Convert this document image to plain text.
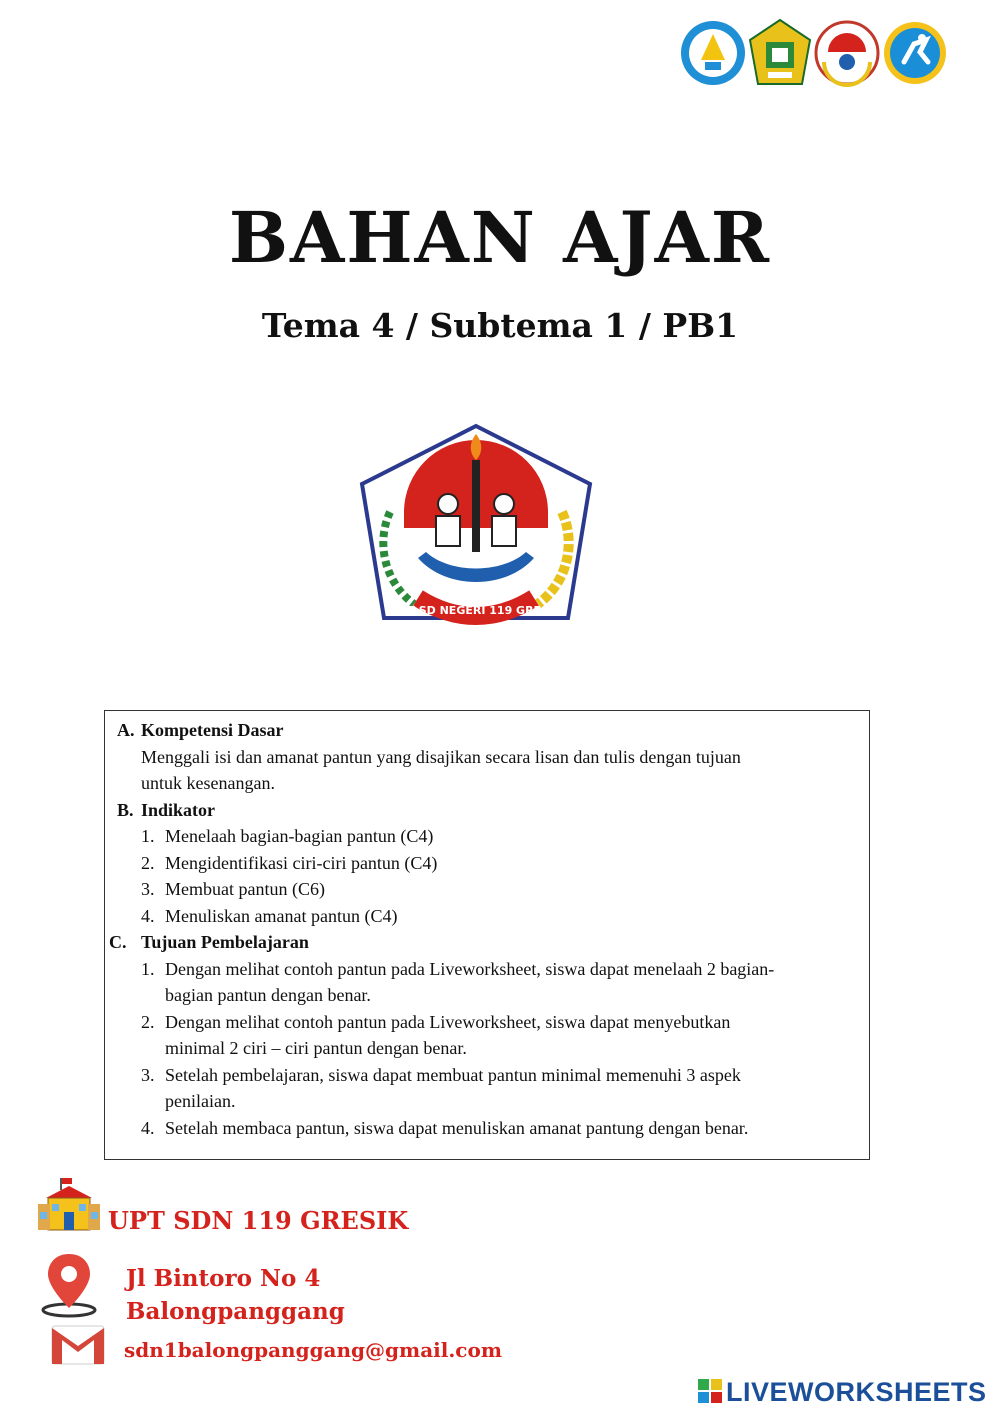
BAHAN AJAR
Tema 4 / Subtema 1 / PB1
UPT SD NEGERI 119 GRESIK
A. Kompetensi Dasar
Menggali isi dan amanat pantun yang disajikan secara lisan dan tulis dengan tujuan
untuk kesenangan.
B. Indikator
1. Menelaah bagian-bagian pantun (C4)
2. Mengidentifikasi ciri-ciri pantun (C4)
3. Membuat pantun (C6)
4. Menuliskan amanat pantun (C4)
C. Tujuan Pembelajaran
1. Dengan melihat contoh pantun pada Liveworksheet, siswa dapat menelaah 2 bagian-
bagian pantun dengan benar.
2. Dengan melihat contoh pantun pada Liveworksheet, siswa dapat menyebutkan
minimal 2 ciri – ciri pantun dengan benar.
3. Setelah pembelajaran, siswa dapat membuat pantun minimal memenuhi 3 aspek
penilaian.
4. Setelah membaca pantun, siswa dapat menuliskan amanat pantung dengan benar.
UPT SDN 119 GRESIK
Jl Bintoro No 4
Balongpanggang
sdn1balongpanggang@gmail.com
LIVEWORKSHEETS
